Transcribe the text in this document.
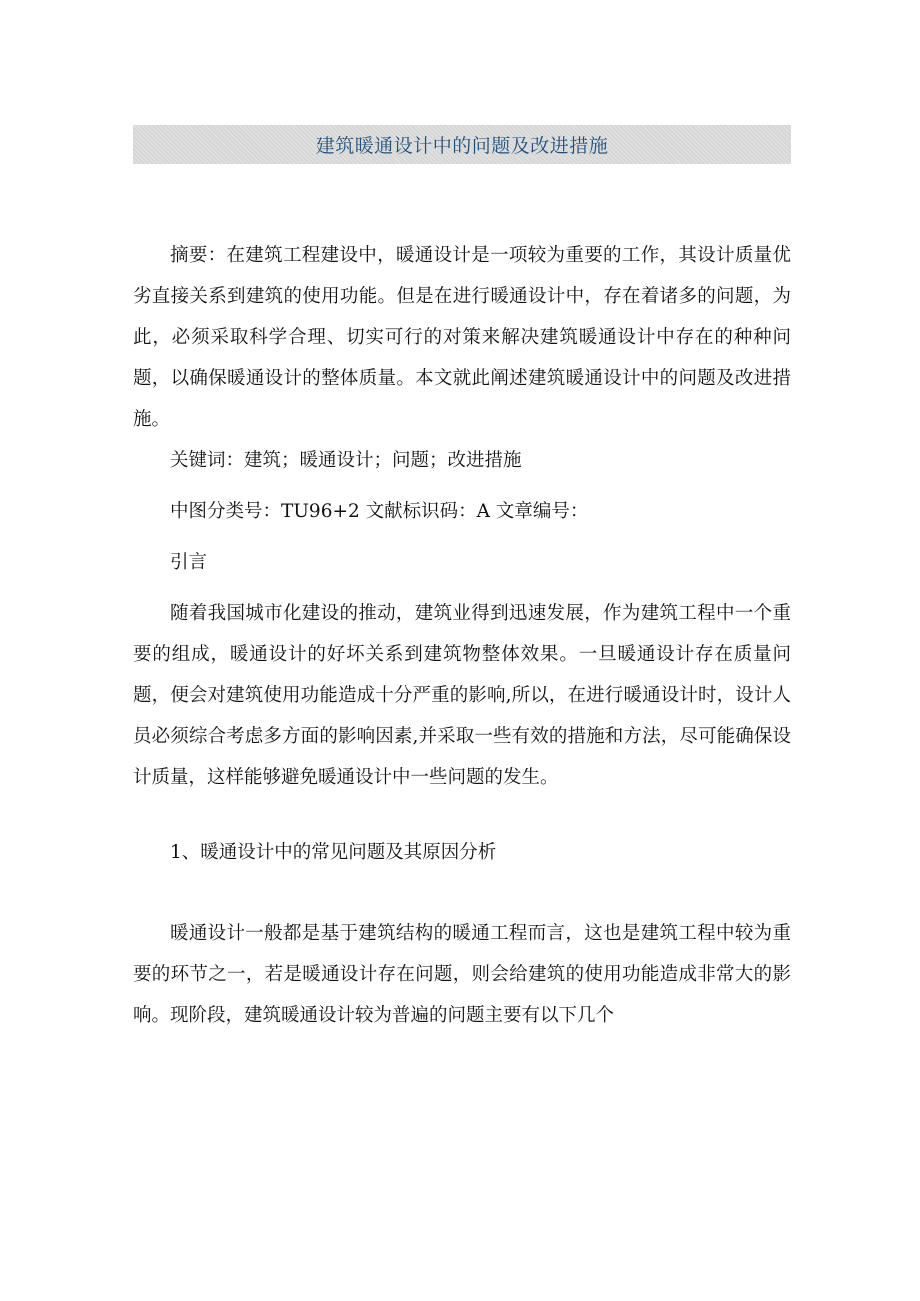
建筑暖通设计中的问题及改进措施

摘要：在建筑工程建设中，暖通设计是一项较为重要的工作，其设计质量优劣直接关系到建筑的使用功能。但是在进行暖通设计中，存在着诸多的问题，为此，必须采取科学合理、切实可行的对策来解决建筑暖通设计中存在的种种问题，以确保暖通设计的整体质量。本文就此阐述建筑暖通设计中的问题及改进措施。

关键词：建筑；暖通设计；问题；改进措施

中图分类号：TU96+2 文献标识码：A 文章编号：

引言

随着我国城市化建设的推动，建筑业得到迅速发展，作为建筑工程中一个重要的组成，暖通设计的好坏关系到建筑物整体效果。一旦暖通设计存在质量问题，便会对建筑使用功能造成十分严重的影响,所以，在进行暖通设计时，设计人员必须综合考虑多方面的影响因素,并采取一些有效的措施和方法，尽可能确保设计质量，这样能够避免暖通设计中一些问题的发生。

1、暖通设计中的常见问题及其原因分析

暖通设计一般都是基于建筑结构的暖通工程而言，这也是建筑工程中较为重要的环节之一，若是暖通设计存在问题，则会给建筑的使用功能造成非常大的影响。现阶段，建筑暖通设计较为普遍的问题主要有以下几个
